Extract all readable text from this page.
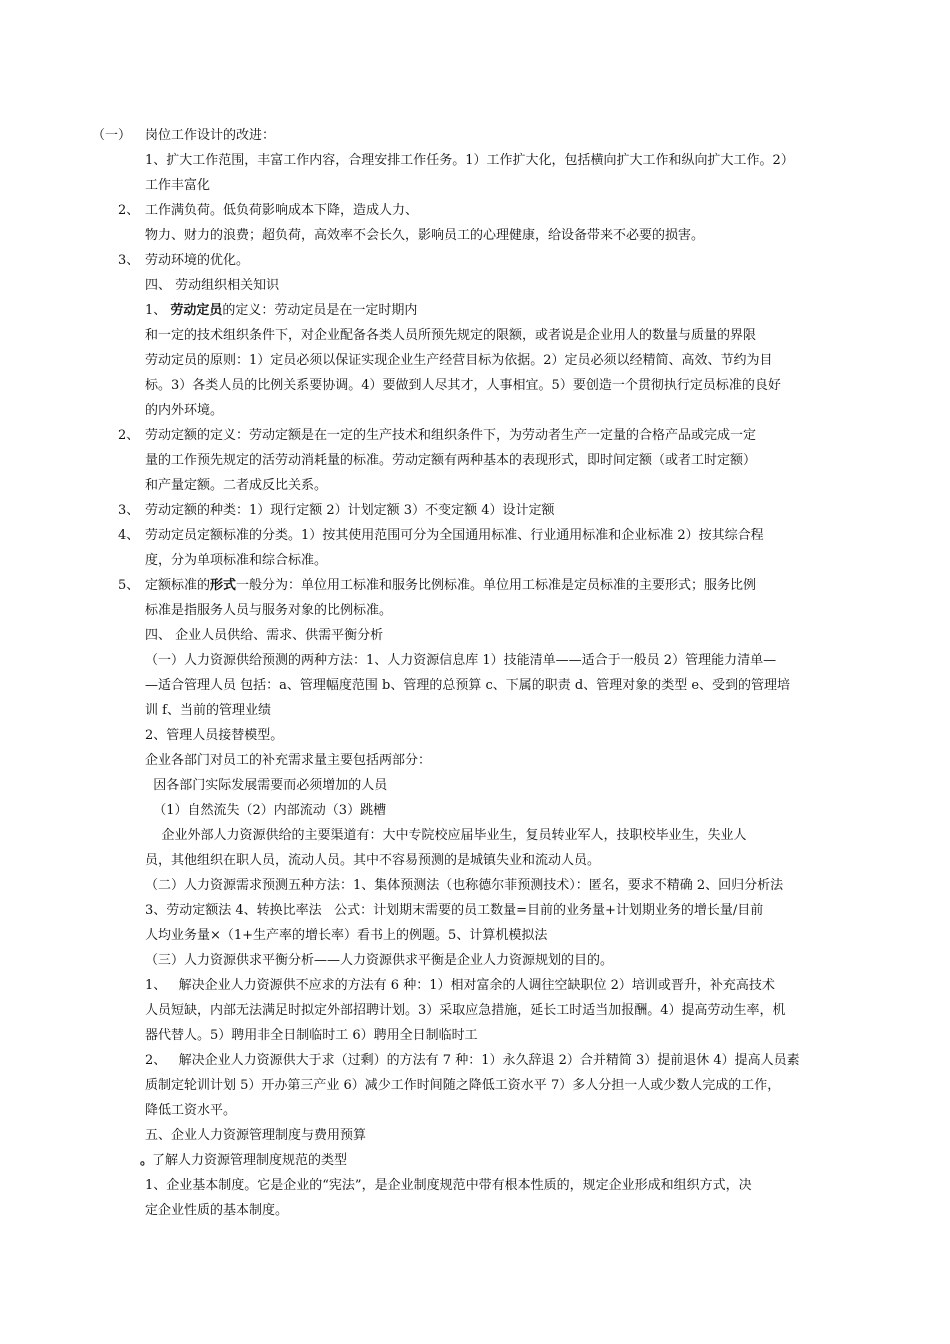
（一） 岗位工作设计的改进：
1、扩大工作范围，丰富工作内容，合理安排工作任务。1）工作扩大化，包括横向扩大工作和纵向扩大工作。2）
工作丰富化
2、 工作满负荷。低负荷影响成本下降，造成人力、
物力、财力的浪费；超负荷，高效率不会长久，影响员工的心理健康，给设备带来不必要的损害。
3、 劳动环境的优化。
四、 劳动组织相关知识
1、 劳动定员的定义：劳动定员是在一定时期内
和一定的技术组织条件下，对企业配备各类人员所预先规定的限额，或者说是企业用人的数量与质量的界限
劳动定员的原则：1）定员必须以保证实现企业生产经营目标为依据。2）定员必须以经精简、高效、节约为目
标。3）各类人员的比例关系要协调。4）要做到人尽其才，人事相宜。5）要创造一个贯彻执行定员标准的良好
的内外环境。
2、 劳动定额的定义：劳动定额是在一定的生产技术和组织条件下，为劳动者生产一定量的合格产品或完成一定
量的工作预先规定的活劳动消耗量的标准。劳动定额有两种基本的表现形式，即时间定额（或者工时定额）
和产量定额。二者成反比关系。
3、 劳动定额的种类：1）现行定额 2）计划定额 3）不变定额 4）设计定额
4、 劳动定员定额标准的分类。1）按其使用范围可分为全国通用标准、行业通用标准和企业标准 2）按其综合程
度，分为单项标准和综合标准。
5、 定额标准的形式一般分为：单位用工标准和服务比例标准。单位用工标准是定员标准的主要形式；服务比例
标准是指服务人员与服务对象的比例标准。
四、 企业人员供给、需求、供需平衡分析
（一）人力资源供给预测的两种方法：1、人力资源信息库 1）技能清单——适合于一般员 2）管理能力清单—
—适合管理人员 包括：a、管理幅度范围 b、管理的总预算 c、下属的职责 d、管理对象的类型 e、受到的管理培
训 f、当前的管理业绩
2、管理人员接替模型。
企业各部门对员工的补充需求量主要包括两部分：
因各部门实际发展需要而必须增加的人员
（1）自然流失（2）内部流动（3）跳槽
企业外部人力资源供给的主要渠道有：大中专院校应届毕业生，复员转业军人，技职校毕业生，失业人
员，其他组织在职人员，流动人员。其中不容易预测的是城镇失业和流动人员。
（二）人力资源需求预测五种方法：1、集体预测法（也称德尔菲预测技术）：匿名，要求不精确 2、回归分析法
3、劳动定额法 4、转换比率法   公式：计划期末需要的员工数量=目前的业务量+计划期业务的增长量/目前
人均业务量×（1+生产率的增长率）看书上的例题。5、计算机模拟法
（三）人力资源供求平衡分析——人力资源供求平衡是企业人力资源规划的目的。
1、   解决企业人力资源供不应求的方法有 6 种：1）相对富余的人调往空缺职位 2）培训或晋升，补充高技术
人员短缺，内部无法满足时拟定外部招聘计划。3）采取应急措施，延长工时适当加报酬。4）提高劳动生率，机
器代替人。5）聘用非全日制临时工 6）聘用全日制临时工
2、   解决企业人力资源供大于求（过剩）的方法有 7 种：1）永久辞退 2）合并精简 3）提前退休 4）提高人员素
质制定轮训计划 5）开办第三产业 6）减少工作时间随之降低工资水平 7）多人分担一人或少数人完成的工作，
降低工资水平。
五、企业人力资源管理制度与费用预算
。
了解人力资源管理制度规范的类型
1、企业基本制度。它是企业的“宪法”，是企业制度规范中带有根本性质的，规定企业形成和组织方式，决
定企业性质的基本制度。
